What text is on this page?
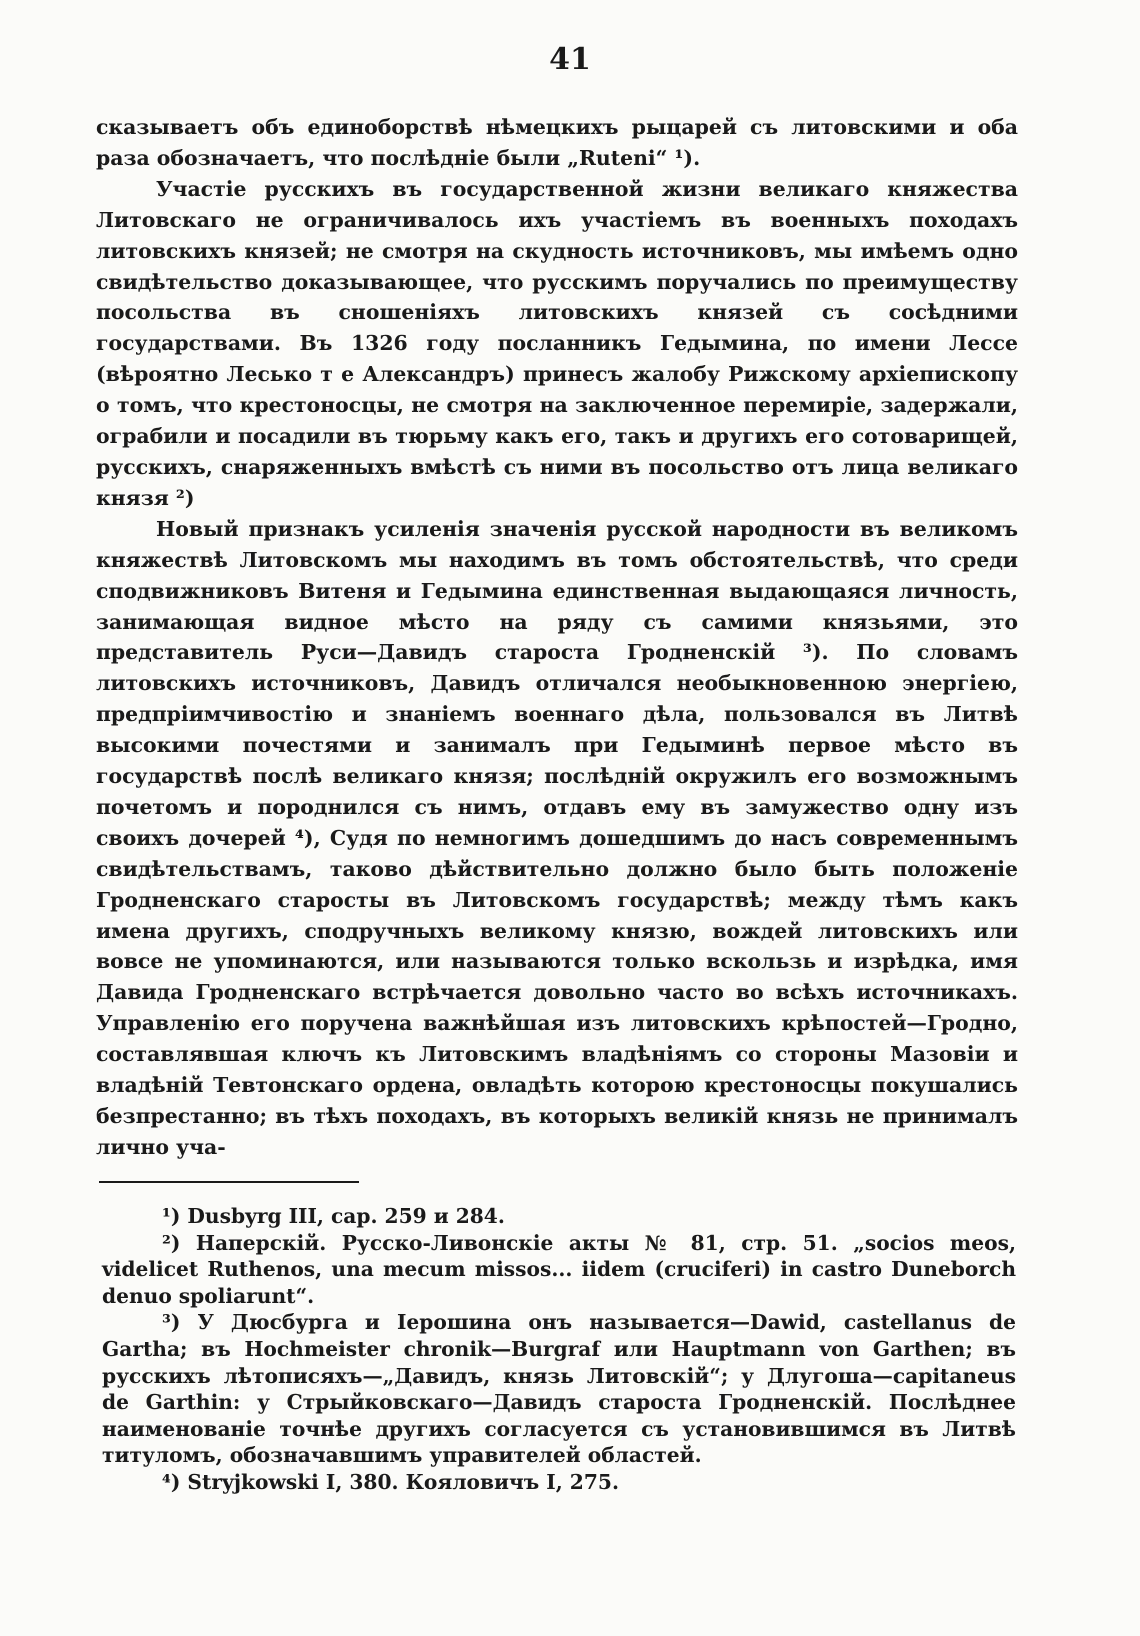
41

сказываетъ объ единоборствѣ нѣмецкихъ рыцарей съ литовскими и оба раза обозначаетъ, что послѣдніе были „Ruteni“ ¹).

Участіе русскихъ въ государственной жизни великаго княжества Литовскаго не ограничивалось ихъ участіемъ въ военныхъ походахъ литовскихъ князей; не смотря на скудность источниковъ, мы имѣемъ одно свидѣтельство доказывающее, что русскимъ поручались по преимуществу посольства въ сношеніяхъ литовскихъ князей съ сосѣдними государствами. Въ 1326 году посланникъ Гедымина, по имени Лессе (вѣроятно Лесько т е Александръ) принесъ жалобу Рижскому архіепископу о томъ, что крестоносцы, не смотря на заключенное перемиріе, задержали, ограбили и посадили въ тюрьму какъ его, такъ и другихъ его сотоварищей, русскихъ, снаряженныхъ вмѣстѣ съ ними въ посольство отъ лица великаго князя ²)

Новый признакъ усиленія значенія русской народности въ великомъ княжествѣ Литовскомъ мы находимъ въ томъ обстоятельствѣ, что среди сподвижниковъ Витеня и Гедымина единственная выдающаяся личность, занимающая видное мѣсто на ряду съ самими князьями, это представитель Руси—Давидъ староста Гродненскій ³). По словамъ литовскихъ источниковъ, Давидъ отличался необыкновенною энергіею, предпріимчивостію и знаніемъ военнаго дѣла, пользовался въ Литвѣ высокими почестями и занималъ при Гедыминѣ первое мѣсто въ государствѣ послѣ великаго князя; послѣдній окружилъ его возможнымъ почетомъ и породнился съ нимъ, отдавъ ему въ замужество одну изъ своихъ дочерей ⁴), Судя по немногимъ дошедшимъ до насъ современнымъ свидѣтельствамъ, таково дѣйствительно должно было быть положеніе Гродненскаго старосты въ Литовскомъ государствѣ; между тѣмъ какъ имена другихъ, сподручныхъ великому князю, вождей литовскихъ или вовсе не упоминаются, или называются только вскользь и изрѣдка, имя Давида Гродненскаго встрѣчается довольно часто во всѣхъ источникахъ. Управленію его поручена важнѣйшая изъ литовскихъ крѣпостей—Гродно, составлявшая ключъ къ Литовскимъ владѣніямъ со стороны Мазовіи и владѣній Тевтонскаго ордена, овладѣть которою крестоносцы покушались безпрестанно; въ тѣхъ походахъ, въ которыхъ великій князь не принималъ лично уча-

¹) Dusbyrg III, cap. 259 и 284.

²) Наперскій. Русско-Ливонскіе акты № 81, стр. 51. „socios meos, videlicet Ruthenos, una mecum missos... iidem (cruciferi) in castro Duneborch denuo spoliarunt“.

³) У Дюсбурга и Іерошина онъ называется—Dawid, castellanus de Gartha; въ Hochmeister chronik—Burgraf или Hauptmann von Garthen; въ русскихъ лѣтописяхъ—„Давидъ, князь Литовскій“; у Длугоша—capitaneus de Garthin: у Стрыйковскаго—Давидъ староста Гродненскій. Послѣднее наименованіе точнѣе другихъ согласуется съ установившимся въ Литвѣ титуломъ, обозначавшимъ управителей областей.

⁴) Stryjkowski I, 380. Кояловичъ I, 275.
